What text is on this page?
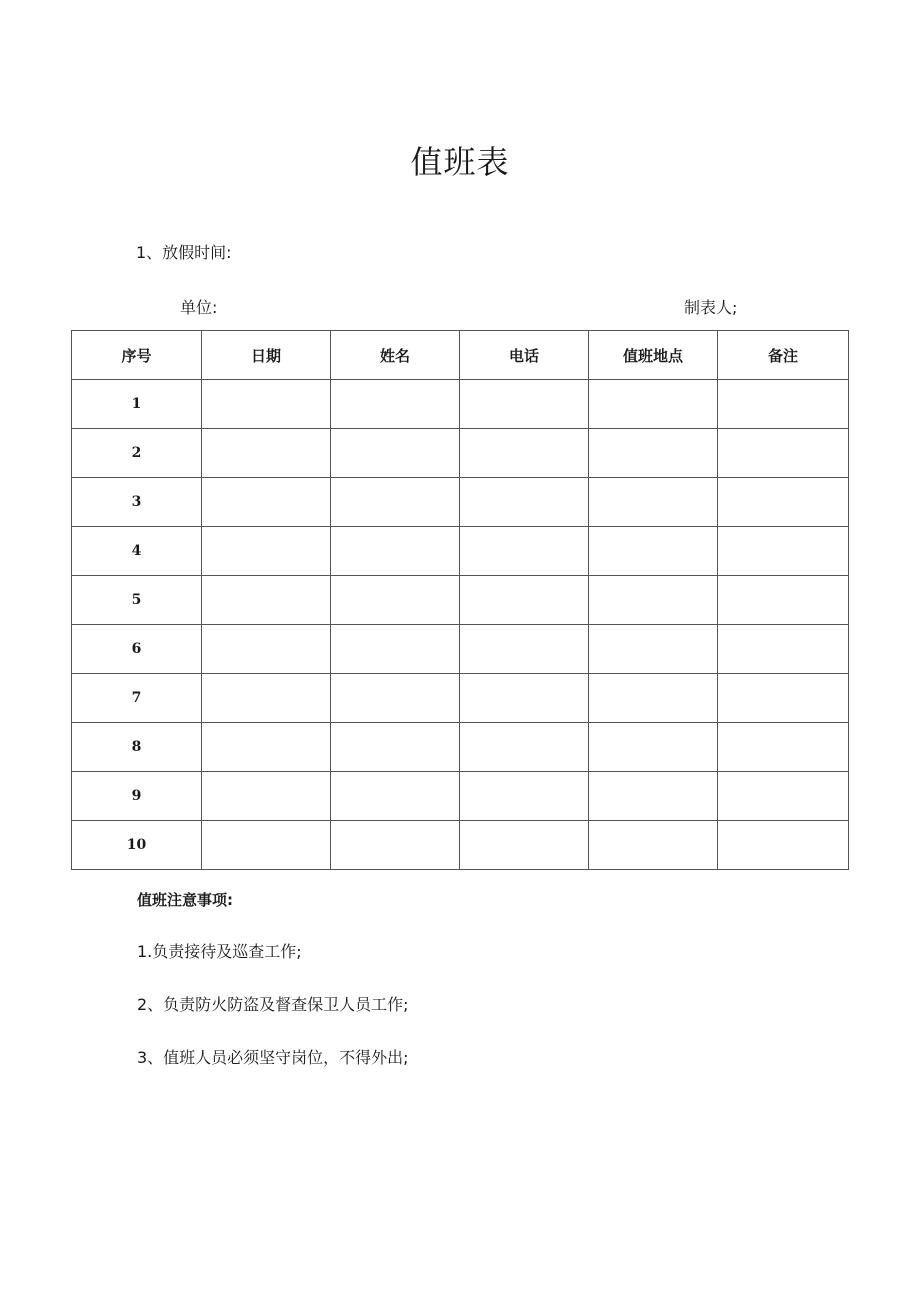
值班表
1、放假时间:
单位:	制表人;
序号	日期	姓名	电话	值班地点	备注
1					
2					
3					
4					
5					
6					
7					
8					
9					
10					
值班注意事项:
1.负责接待及巡查工作;
2、负责防火防盗及督查保卫人员工作;
3、值班人员必须坚守岗位，不得外出;
